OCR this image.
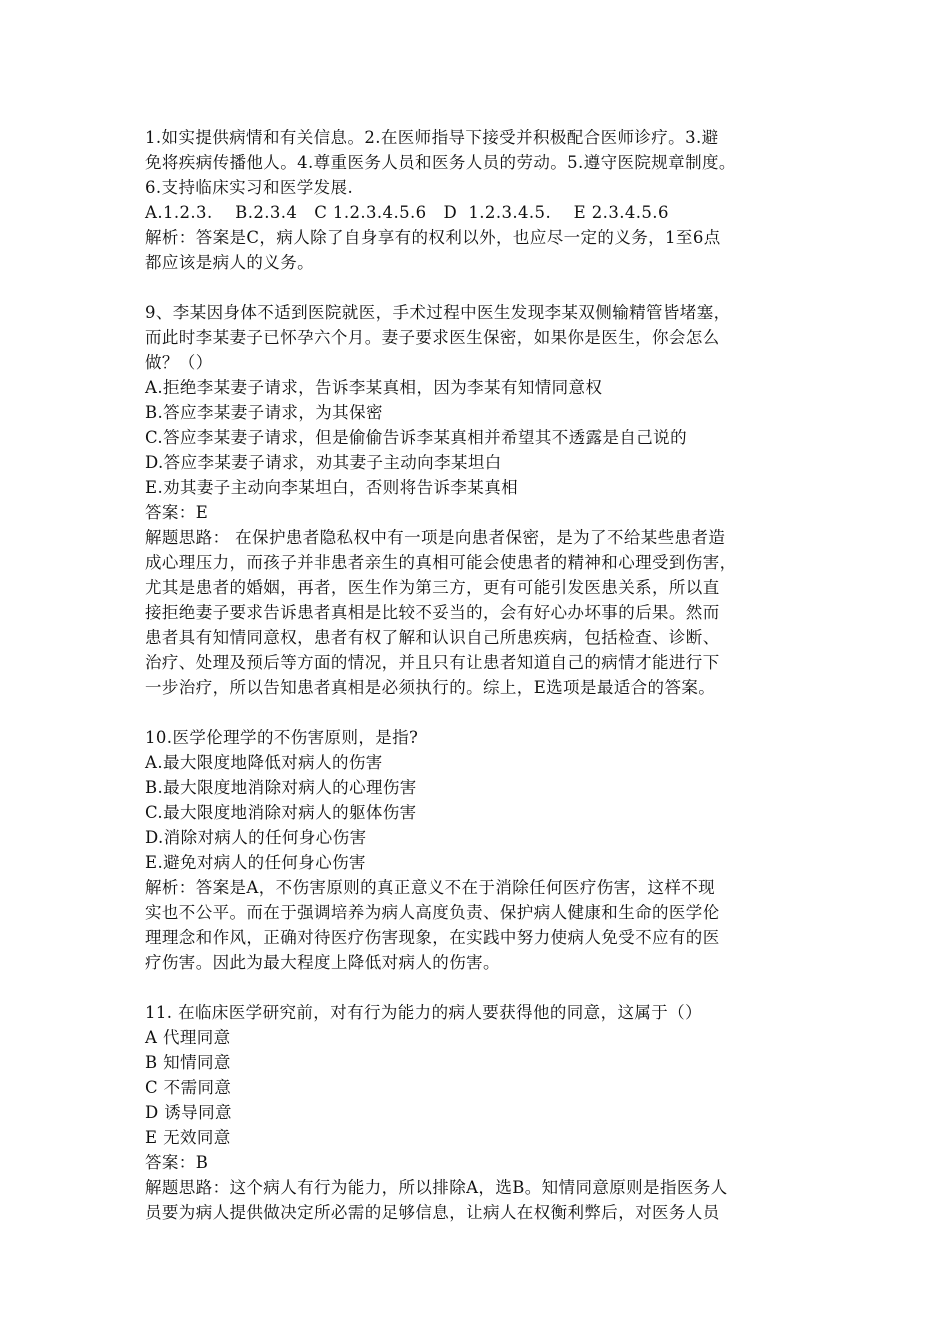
1.如实提供病情和有关信息。2.在医师指导下接受并积极配合医师诊疗。3.避
免将疾病传播他人。4.尊重医务人员和医务人员的劳动。5.遵守医院规章制度。
6.支持临床实习和医学发展.
A.1.2.3.    B.2.3.4   C 1.2.3.4.5.6   D  1.2.3.4.5.    E 2.3.4.5.6
解析：答案是C，病人除了自身享有的权利以外，也应尽一定的义务，1至6点
都应该是病人的义务。
9、李某因身体不适到医院就医，手术过程中医生发现李某双侧输精管皆堵塞，
而此时李某妻子已怀孕六个月。妻子要求医生保密，如果你是医生，你会怎么
做？（）
A.拒绝李某妻子请求，告诉李某真相，因为李某有知情同意权
B.答应李某妻子请求，为其保密
C.答应李某妻子请求，但是偷偷告诉李某真相并希望其不透露是自己说的
D.答应李某妻子请求，劝其妻子主动向李某坦白
E.劝其妻子主动向李某坦白，否则将告诉李某真相
答案：E
解题思路： 在保护患者隐私权中有一项是向患者保密，是为了不给某些患者造
成心理压力，而孩子并非患者亲生的真相可能会使患者的精神和心理受到伤害，
尤其是患者的婚姻，再者，医生作为第三方，更有可能引发医患关系，所以直
接拒绝妻子要求告诉患者真相是比较不妥当的，会有好心办坏事的后果。然而
患者具有知情同意权，患者有权了解和认识自己所患疾病，包括检查、诊断、
治疗、处理及预后等方面的情况，并且只有让患者知道自己的病情才能进行下
一步治疗，所以告知患者真相是必须执行的。综上，E选项是最适合的答案。
10.医学伦理学的不伤害原则，是指?
A.最大限度地降低对病人的伤害
B.最大限度地消除对病人的心理伤害
C.最大限度地消除对病人的躯体伤害
D.消除对病人的任何身心伤害
E.避免对病人的任何身心伤害
解析：答案是A，不伤害原则的真正意义不在于消除任何医疗伤害，这样不现
实也不公平。而在于强调培养为病人高度负责、保护病人健康和生命的医学伦
理理念和作风，正确对待医疗伤害现象，在实践中努力使病人免受不应有的医
疗伤害。因此为最大程度上降低对病人的伤害。
11. 在临床医学研究前，对有行为能力的病人要获得他的同意，这属于（）
A 代理同意
B 知情同意
C 不需同意
D 诱导同意
E 无效同意
答案：B
解题思路：这个病人有行为能力，所以排除A，选B。知情同意原则是指医务人
员要为病人提供做决定所必需的足够信息，让病人在权衡利弊后，对医务人员
